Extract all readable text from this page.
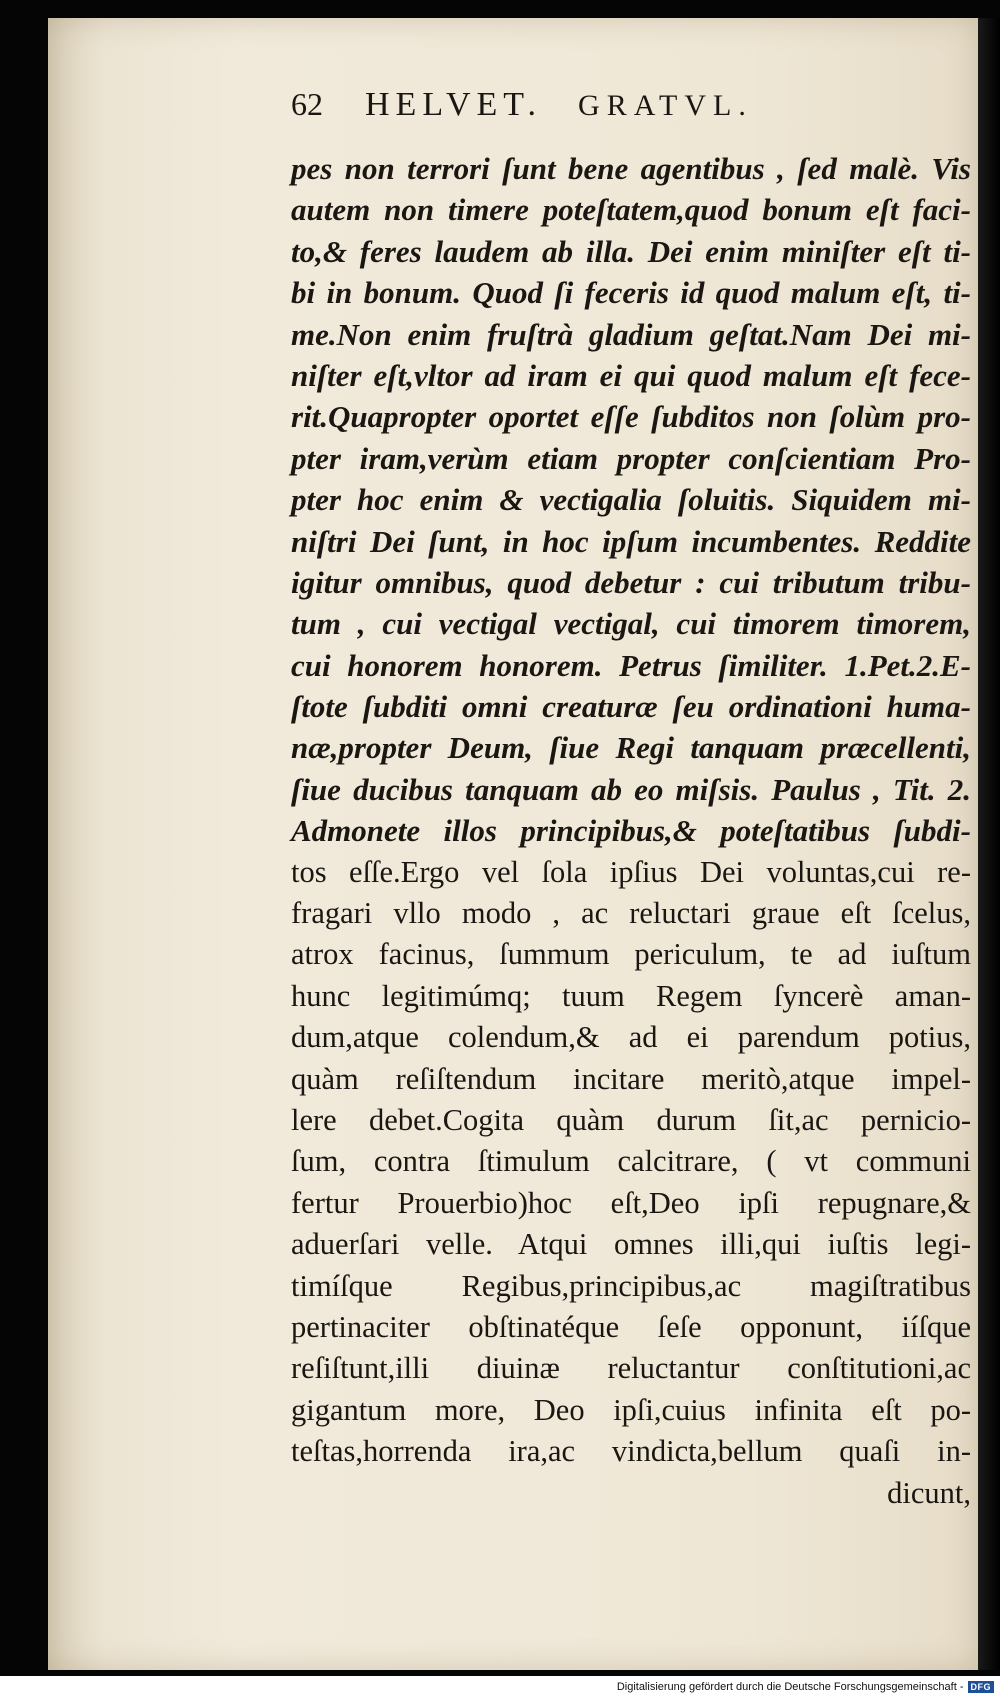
62 HELVET. GRATVL.
pes non terrori ſunt bene agentibus , ſed malè. Vis
autem non timere poteſtatem,quod bonum eſt faci-
to,& feres laudem ab illa. Dei enim miniſter eſt ti-
bi in bonum. Quod ſi feceris id quod malum eſt, ti-
me.Non enim fruſtrà gladium geſtat.Nam Dei mi-
niſter eſt,vltor ad iram ei qui quod malum eſt fece-
rit.Quapropter oportet eſſe ſubditos non ſolùm pro-
pter iram,verùm etiam propter conſcientiam Pro-
pter hoc enim & vectigalia ſoluitis. Siquidem mi-
niſtri Dei ſunt, in hoc ipſum incumbentes. Reddite
igitur omnibus, quod debetur : cui tributum tribu-
tum , cui vectigal vectigal, cui timorem timorem,
cui honorem honorem. Petrus ſimiliter. 1.Pet.2.E-
ſtote ſubditi omni creaturæ ſeu ordinationi huma-
næ,propter Deum, ſiue Regi tanquam præcellenti,
ſiue ducibus tanquam ab eo miſsis. Paulus , Tit. 2.
Admonete illos principibus,& poteſtatibus ſubdi-
tos eſſe.Ergo vel ſola ipſius Dei voluntas,cui re-
fragari vllo modo , ac reluctari graue eſt ſcelus,
atrox facinus, ſummum periculum, te ad iuſtum
hunc legitimúmq; tuum Regem ſyncerè aman-
dum,atque colendum,& ad ei parendum potius,
quàm reſiſtendum incitare meritò,atque impel-
lere debet.Cogita quàm durum ſit,ac pernicio-
ſum, contra ſtimulum calcitrare, ( vt communi
fertur Prouerbio)hoc eſt,Deo ipſi repugnare,&
aduerſari velle. Atqui omnes illi,qui iuſtis legi-
timíſque Regibus,principibus,ac magiſtratibus
pertinaciter obſtinatéque ſeſe opponunt, iíſque
reſiſtunt,illi diuinæ reluctantur conſtitutioni,ac
gigantum more, Deo ipſi,cuius infinita eſt po-
teſtas,horrenda ira,ac vindicta,bellum quaſi in-
dicunt,
Digitalisierung gefördert durch die Deutsche Forschungsgemeinschaft - DFG
